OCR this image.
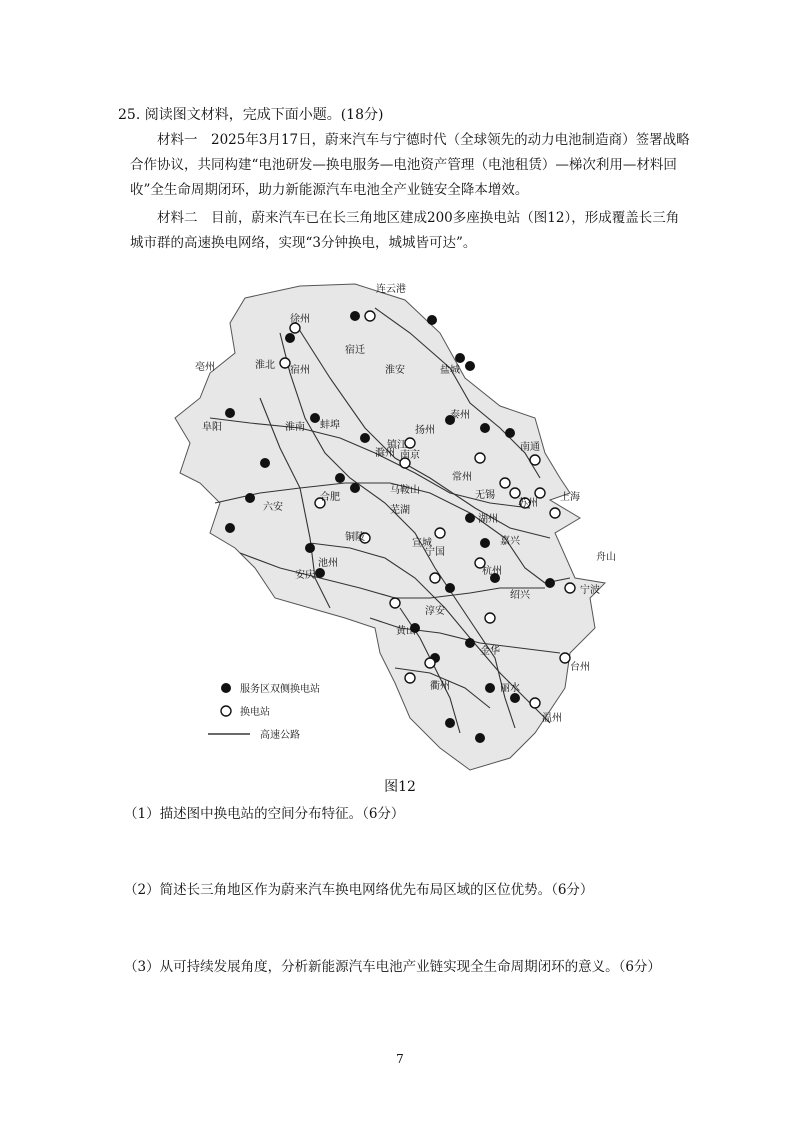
25. 阅读图文材料，完成下面小题。(18分)
材料一　2025年3月17日，蔚来汽车与宁德时代（全球领先的动力电池制造商）签署战略合作协议，共同构建“电池研发—换电服务—电池资产管理（电池租赁）—梯次利用—材料回收”全生命周期闭环，助力新能源汽车电池全产业链安全降本增效。
材料二　目前，蔚来汽车已在长三角地区建成200多座换电站（图12），形成覆盖长三角城市群的高速换电网络，实现“3分钟换电，城城皆可达”。
连云港
徐州
淮北 宿州
宿迁
淮安	盐城
亳州
阜阳	淮南 蚌埠
泰州
扬州
南通
滁州
镇江
南京
常州
马鞍山	无锡
苏州
上海
合肥
芜湖
六安
湖州
铜陵
宣城	嘉兴
宁国
池州
杭州
舟山
安庆
宁波
绍兴
淳安
黄山
金华
台州
衢州	丽水
温州
服务区双侧换电站
换电站
高速公路
图12
（1）描述图中换电站的空间分布特征。（6分）
（2）简述长三角地区作为蔚来汽车换电网络优先布局区域的区位优势。（6分）
（3）从可持续发展角度，分析新能源汽车电池产业链实现全生命周期闭环的意义。（6分）
7
